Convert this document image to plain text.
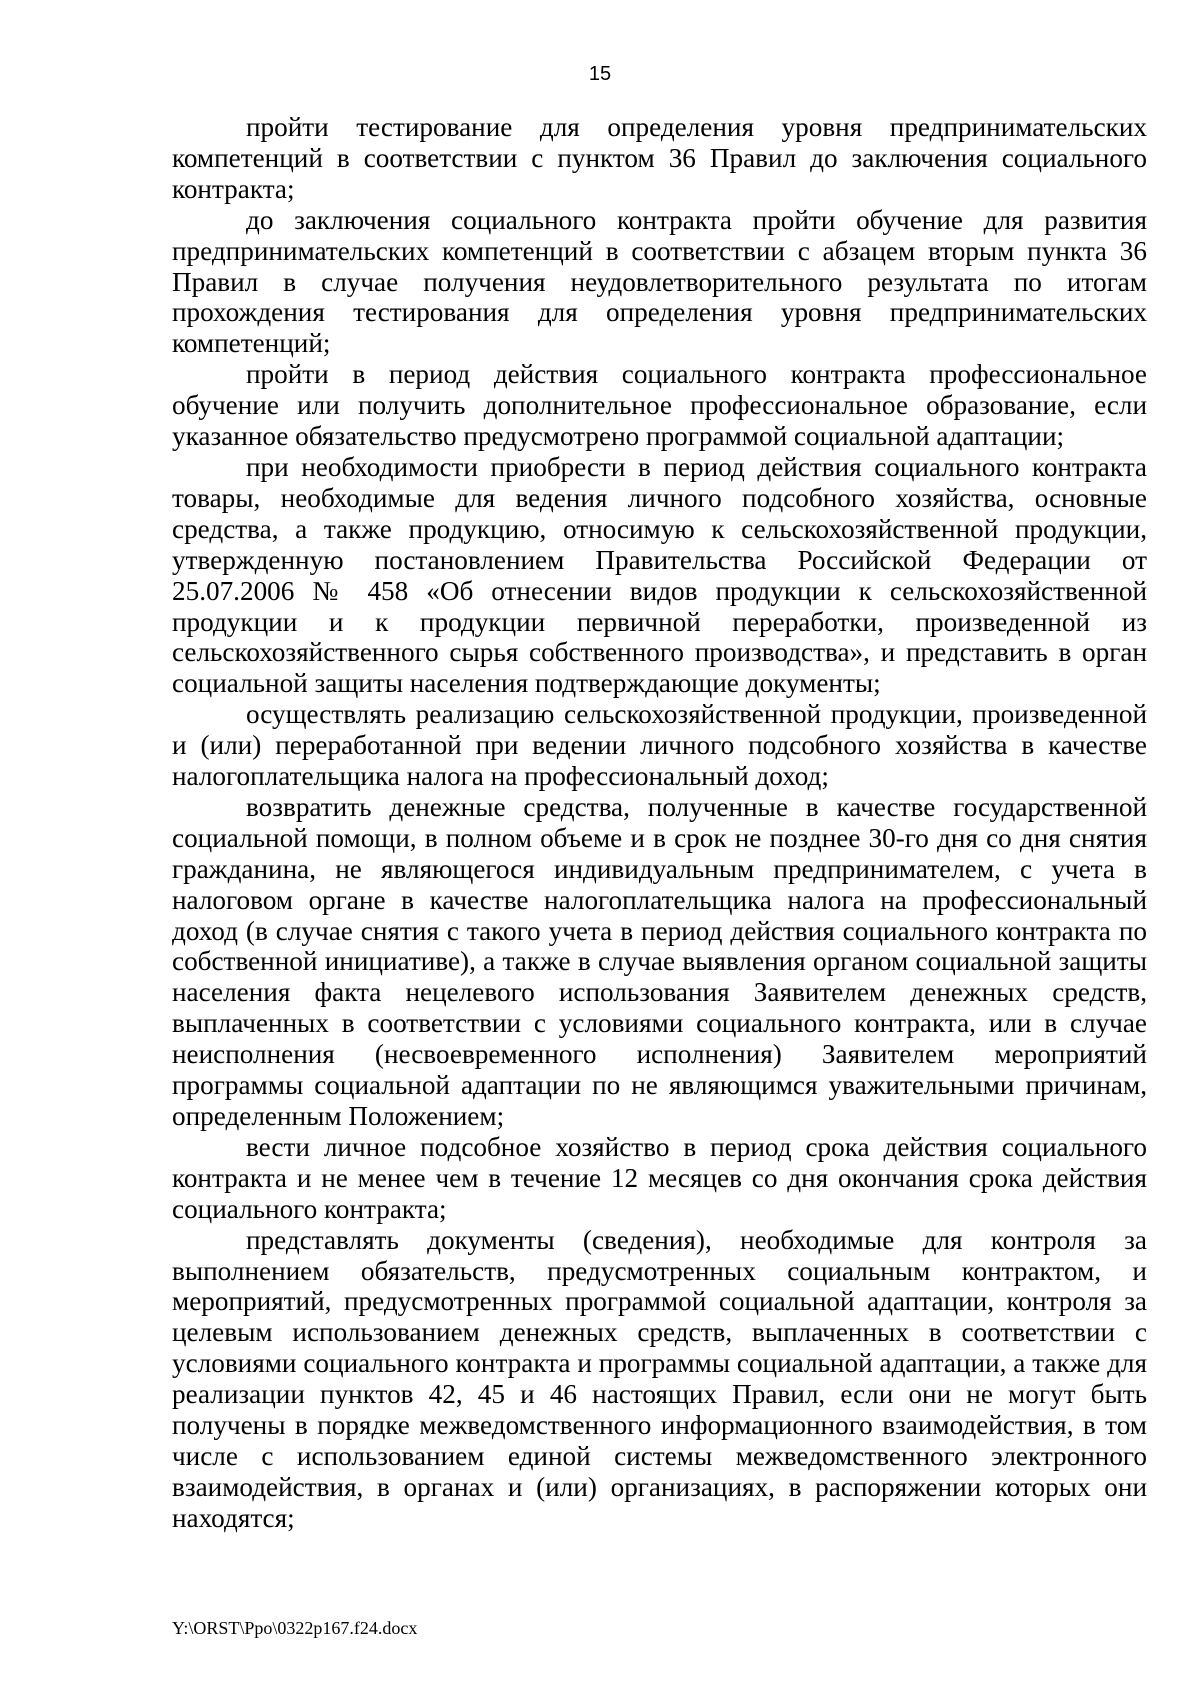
15

пройти тестирование для определения уровня предпринимательских компетенций в соответствии с пунктом 36 Правил до заключения социального контракта;

до заключения социального контракта пройти обучение для развития предпринимательских компетенций в соответствии с абзацем вторым пункта 36 Правил в случае получения неудовлетворительного результата по итогам прохождения тестирования для определения уровня предпринимательских компетенций;

пройти в период действия социального контракта профессиональное обучение или получить дополнительное профессиональное образование, если указанное обязательство предусмотрено программой социальной адаптации;

при необходимости приобрести в период действия социального контракта товары, необходимые для ведения личного подсобного хозяйства, основные средства, а также продукцию, относимую к сельскохозяйственной продукции, утвержденную постановлением Правительства Российской Федерации от 25.07.2006 № 458 «Об отнесении видов продукции к сельскохозяйственной продукции и к продукции первичной переработки, произведенной из сельскохозяйственного сырья собственного производства», и представить в орган социальной защиты населения подтверждающие документы;

осуществлять реализацию сельскохозяйственной продукции, произведенной и (или) переработанной при ведении личного подсобного хозяйства в качестве налогоплательщика налога на профессиональный доход;

возвратить денежные средства, полученные в качестве государственной социальной помощи, в полном объеме и в срок не позднее 30-го дня со дня снятия гражданина, не являющегося индивидуальным предпринимателем, с учета в налоговом органе в качестве налогоплательщика налога на профессиональный доход (в случае снятия с такого учета в период действия социального контракта по собственной инициативе), а также в случае выявления органом социальной защиты населения факта нецелевого использования Заявителем денежных средств, выплаченных в соответствии с условиями социального контракта, или в случае неисполнения (несвоевременного исполнения) Заявителем мероприятий программы социальной адаптации по не являющимся уважительными причинам, определенным Положением;

вести личное подсобное хозяйство в период срока действия социального контракта и не менее чем в течение 12 месяцев со дня окончания срока действия социального контракта;

представлять документы (сведения), необходимые для контроля за выполнением обязательств, предусмотренных социальным контрактом, и мероприятий, предусмотренных программой социальной адаптации, контроля за целевым использованием денежных средств, выплаченных в соответствии с условиями социального контракта и программы социальной адаптации, а также для реализации пунктов 42, 45 и 46 настоящих Правил, если они не могут быть получены в порядке межведомственного информационного взаимодействия, в том числе с использованием единой системы межведомственного электронного взаимодействия, в органах и (или) организациях, в распоряжении которых они находятся;

Y:\ORST\Ppo\0322p167.f24.docx
